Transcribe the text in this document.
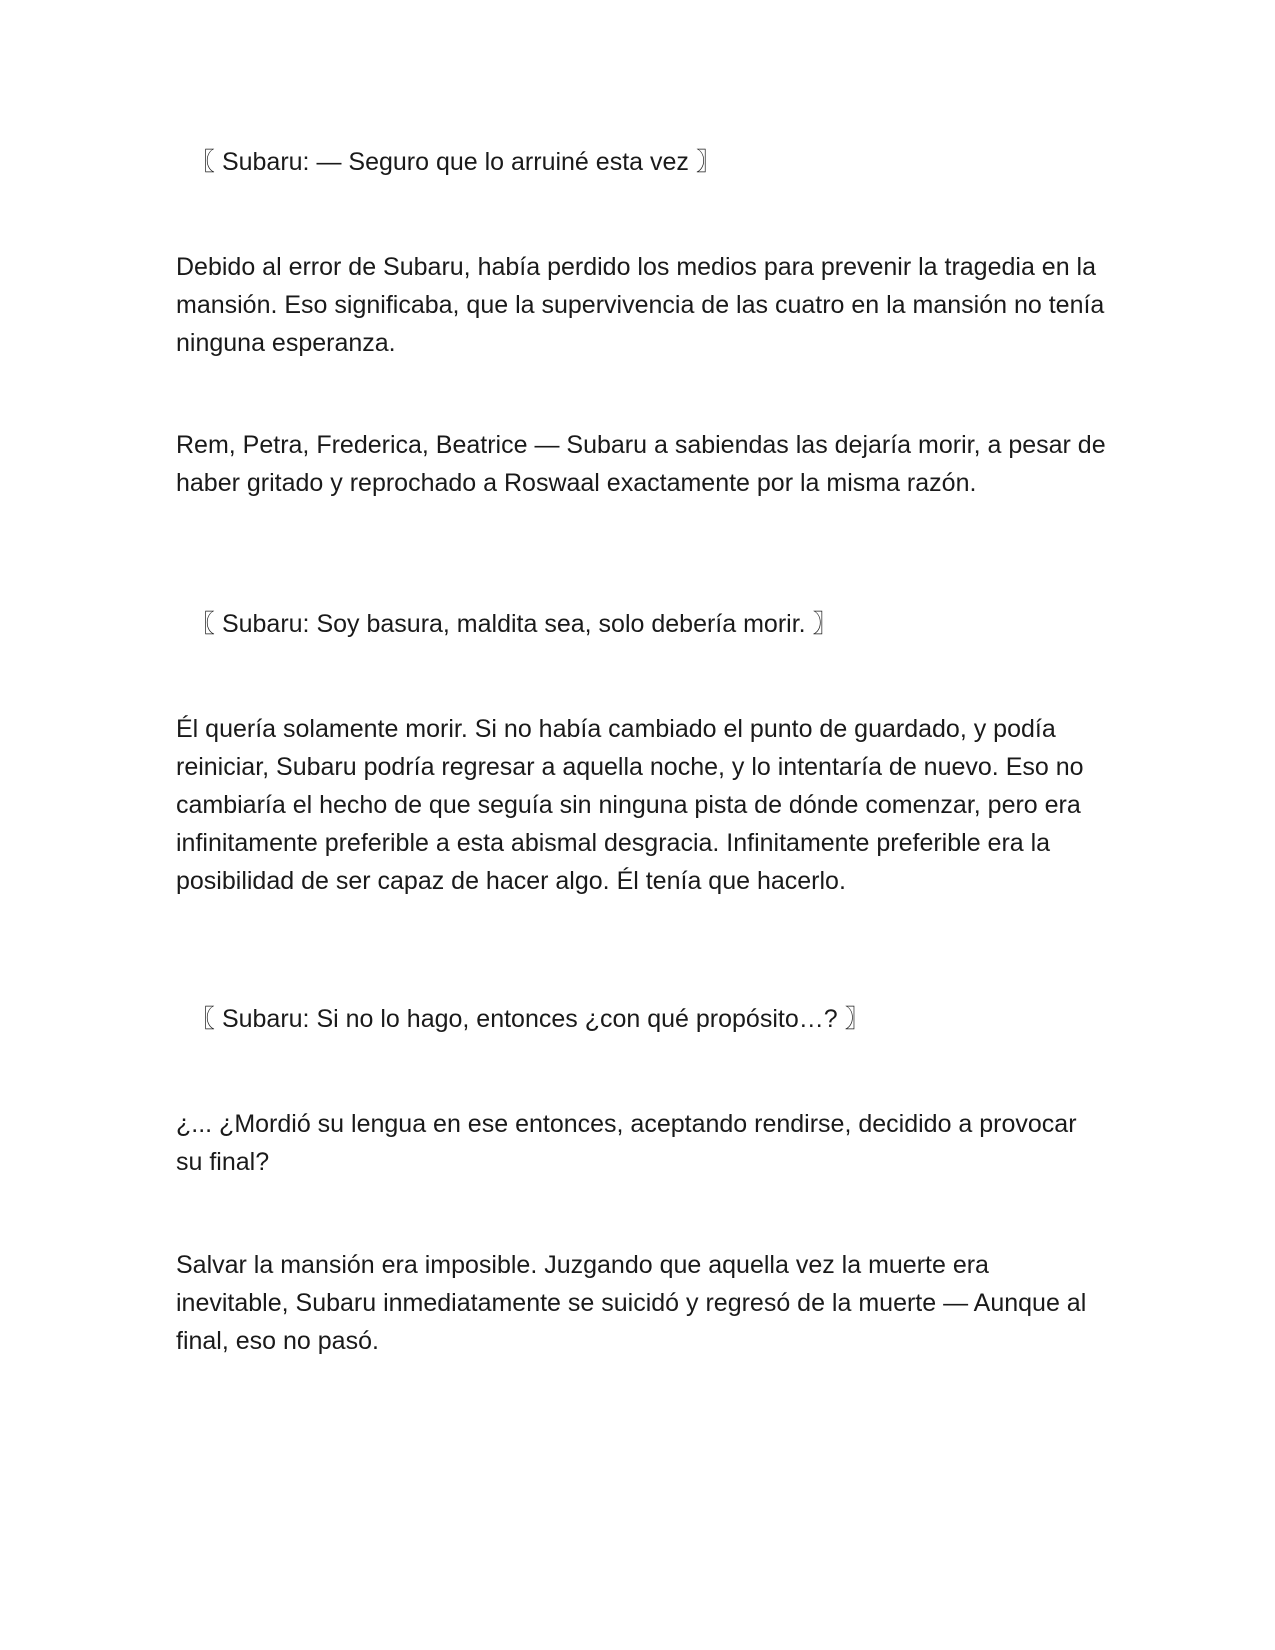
〖 Subaru: — Seguro que lo arruiné esta vez 〗

Debido al error de Subaru, había perdido los medios para prevenir la tragedia en la mansión. Eso significaba, que la supervivencia de las cuatro en la mansión no tenía ninguna esperanza.

Rem, Petra, Frederica, Beatrice — Subaru a sabiendas las dejaría morir, a pesar de haber gritado y reprochado a Roswaal exactamente por la misma razón.

〖 Subaru: Soy basura, maldita sea, solo debería morir. 〗

Él quería solamente morir. Si no había cambiado el punto de guardado, y podía reiniciar, Subaru podría regresar a aquella noche, y lo intentaría de nuevo. Eso no cambiaría el hecho de que seguía sin ninguna pista de dónde comenzar, pero era infinitamente preferible a esta abismal desgracia. Infinitamente preferible era la posibilidad de ser capaz de hacer algo. Él tenía que hacerlo.

〖 Subaru: Si no lo hago, entonces ¿con qué propósito…? 〗

¿... ¿Mordió su lengua en ese entonces, aceptando rendirse, decidido a provocar su final?

Salvar la mansión era imposible. Juzgando que aquella vez la muerte era inevitable, Subaru inmediatamente se suicidó y regresó de la muerte — Aunque al final, eso no pasó.
